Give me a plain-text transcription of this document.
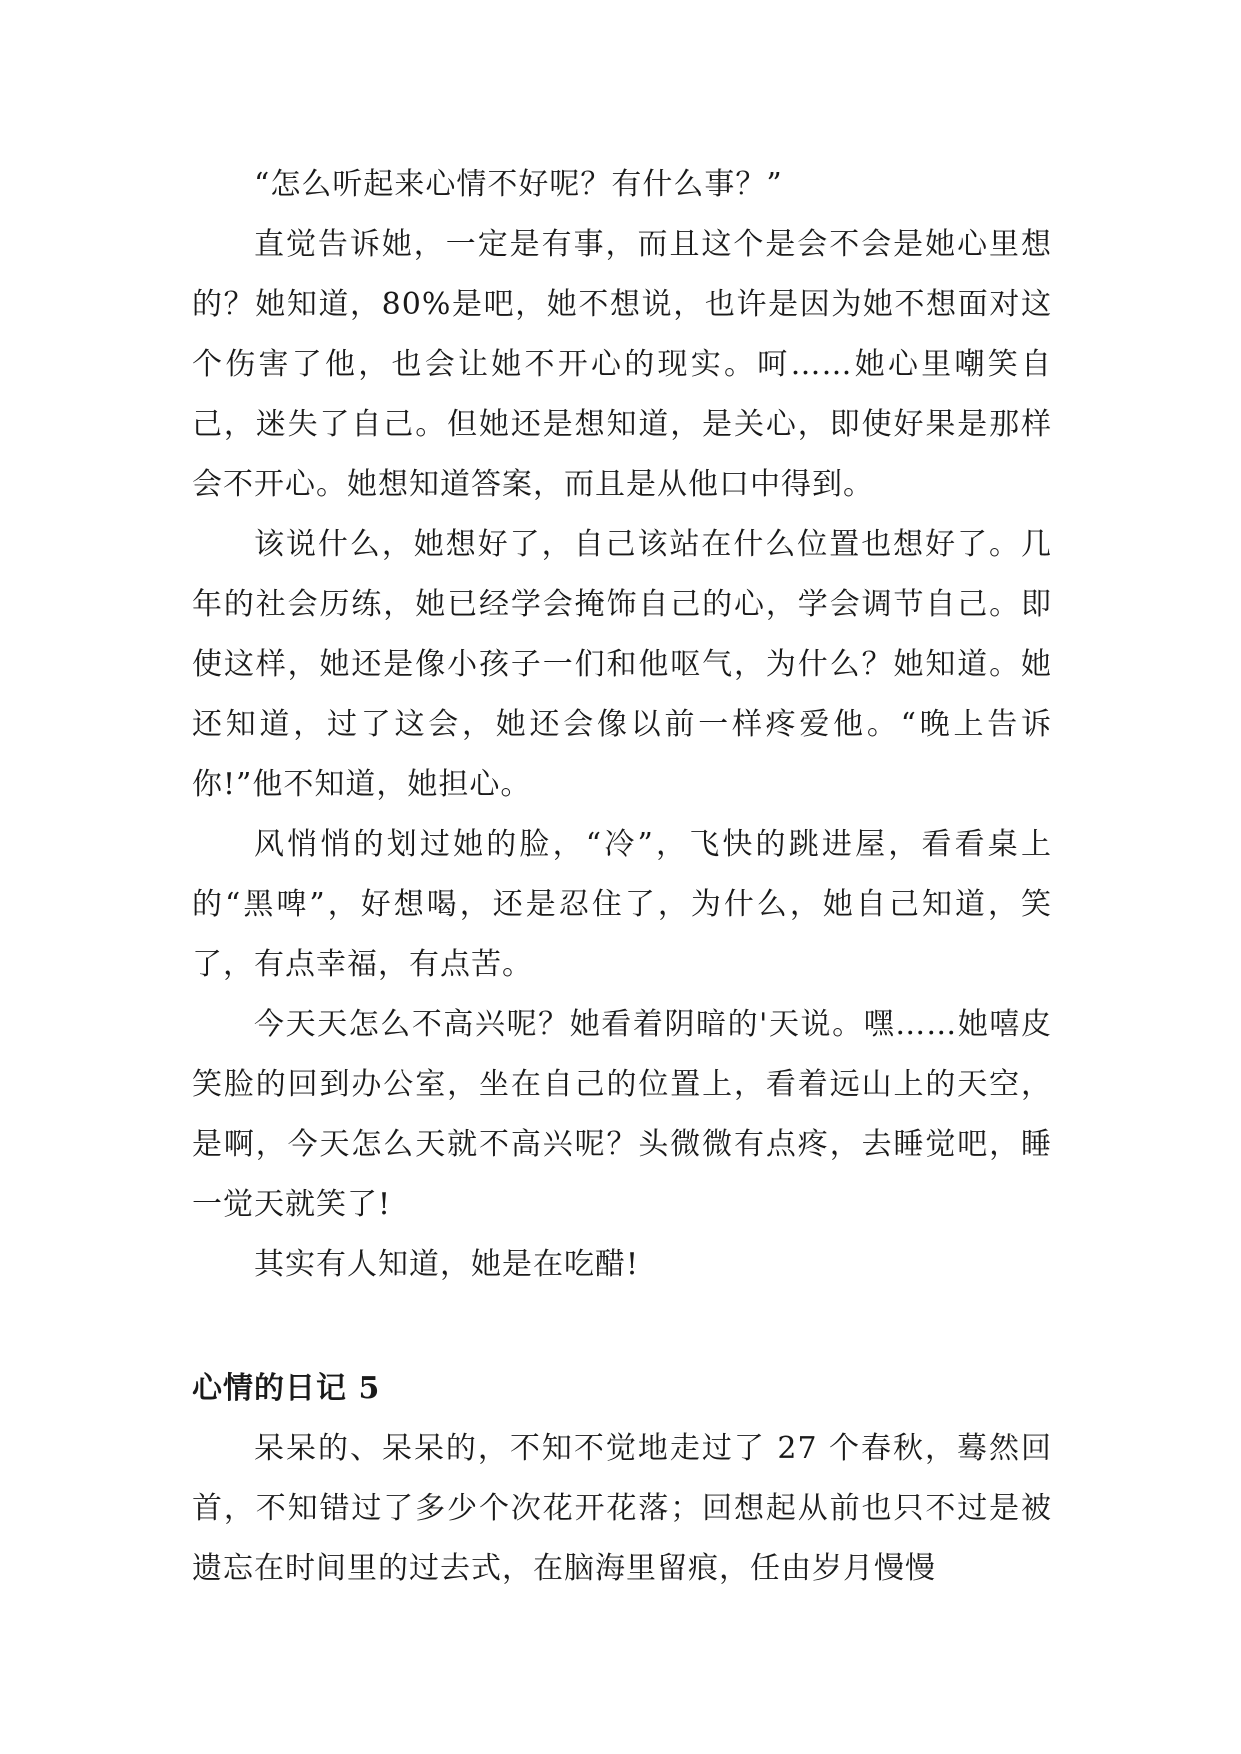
“怎么听起来心情不好呢？有什么事？”

直觉告诉她，一定是有事，而且这个是会不会是她心里想的？她知道，80%是吧，她不想说，也许是因为她不想面对这个伤害了他，也会让她不开心的现实。呵……她心里嘲笑自己，迷失了自己。但她还是想知道，是关心，即使好果是那样会不开心。她想知道答案，而且是从他口中得到。

该说什么，她想好了，自己该站在什么位置也想好了。几年的社会历练，她已经学会掩饰自己的心，学会调节自己。即使这样，她还是像小孩子一们和他呕气，为什么？她知道。她还知道，过了这会，她还会像以前一样疼爱他。“晚上告诉你!”他不知道，她担心。

风悄悄的划过她的脸，“冷”，飞快的跳进屋，看看桌上的“黑啤”，好想喝，还是忍住了，为什么，她自己知道，笑了，有点幸福，有点苦。

今天天怎么不高兴呢？她看着阴暗的'天说。嘿……她嘻皮笑脸的回到办公室，坐在自己的位置上，看着远山上的天空，是啊，今天怎么天就不高兴呢？头微微有点疼，去睡觉吧，睡一觉天就笑了!

其实有人知道，她是在吃醋!

心情的日记 5

呆呆的、呆呆的，不知不觉地走过了 27 个春秋，蓦然回首，不知错过了多少个次花开花落；回想起从前也只不过是被遗忘在时间里的过去式，在脑海里留痕，任由岁月慢慢
